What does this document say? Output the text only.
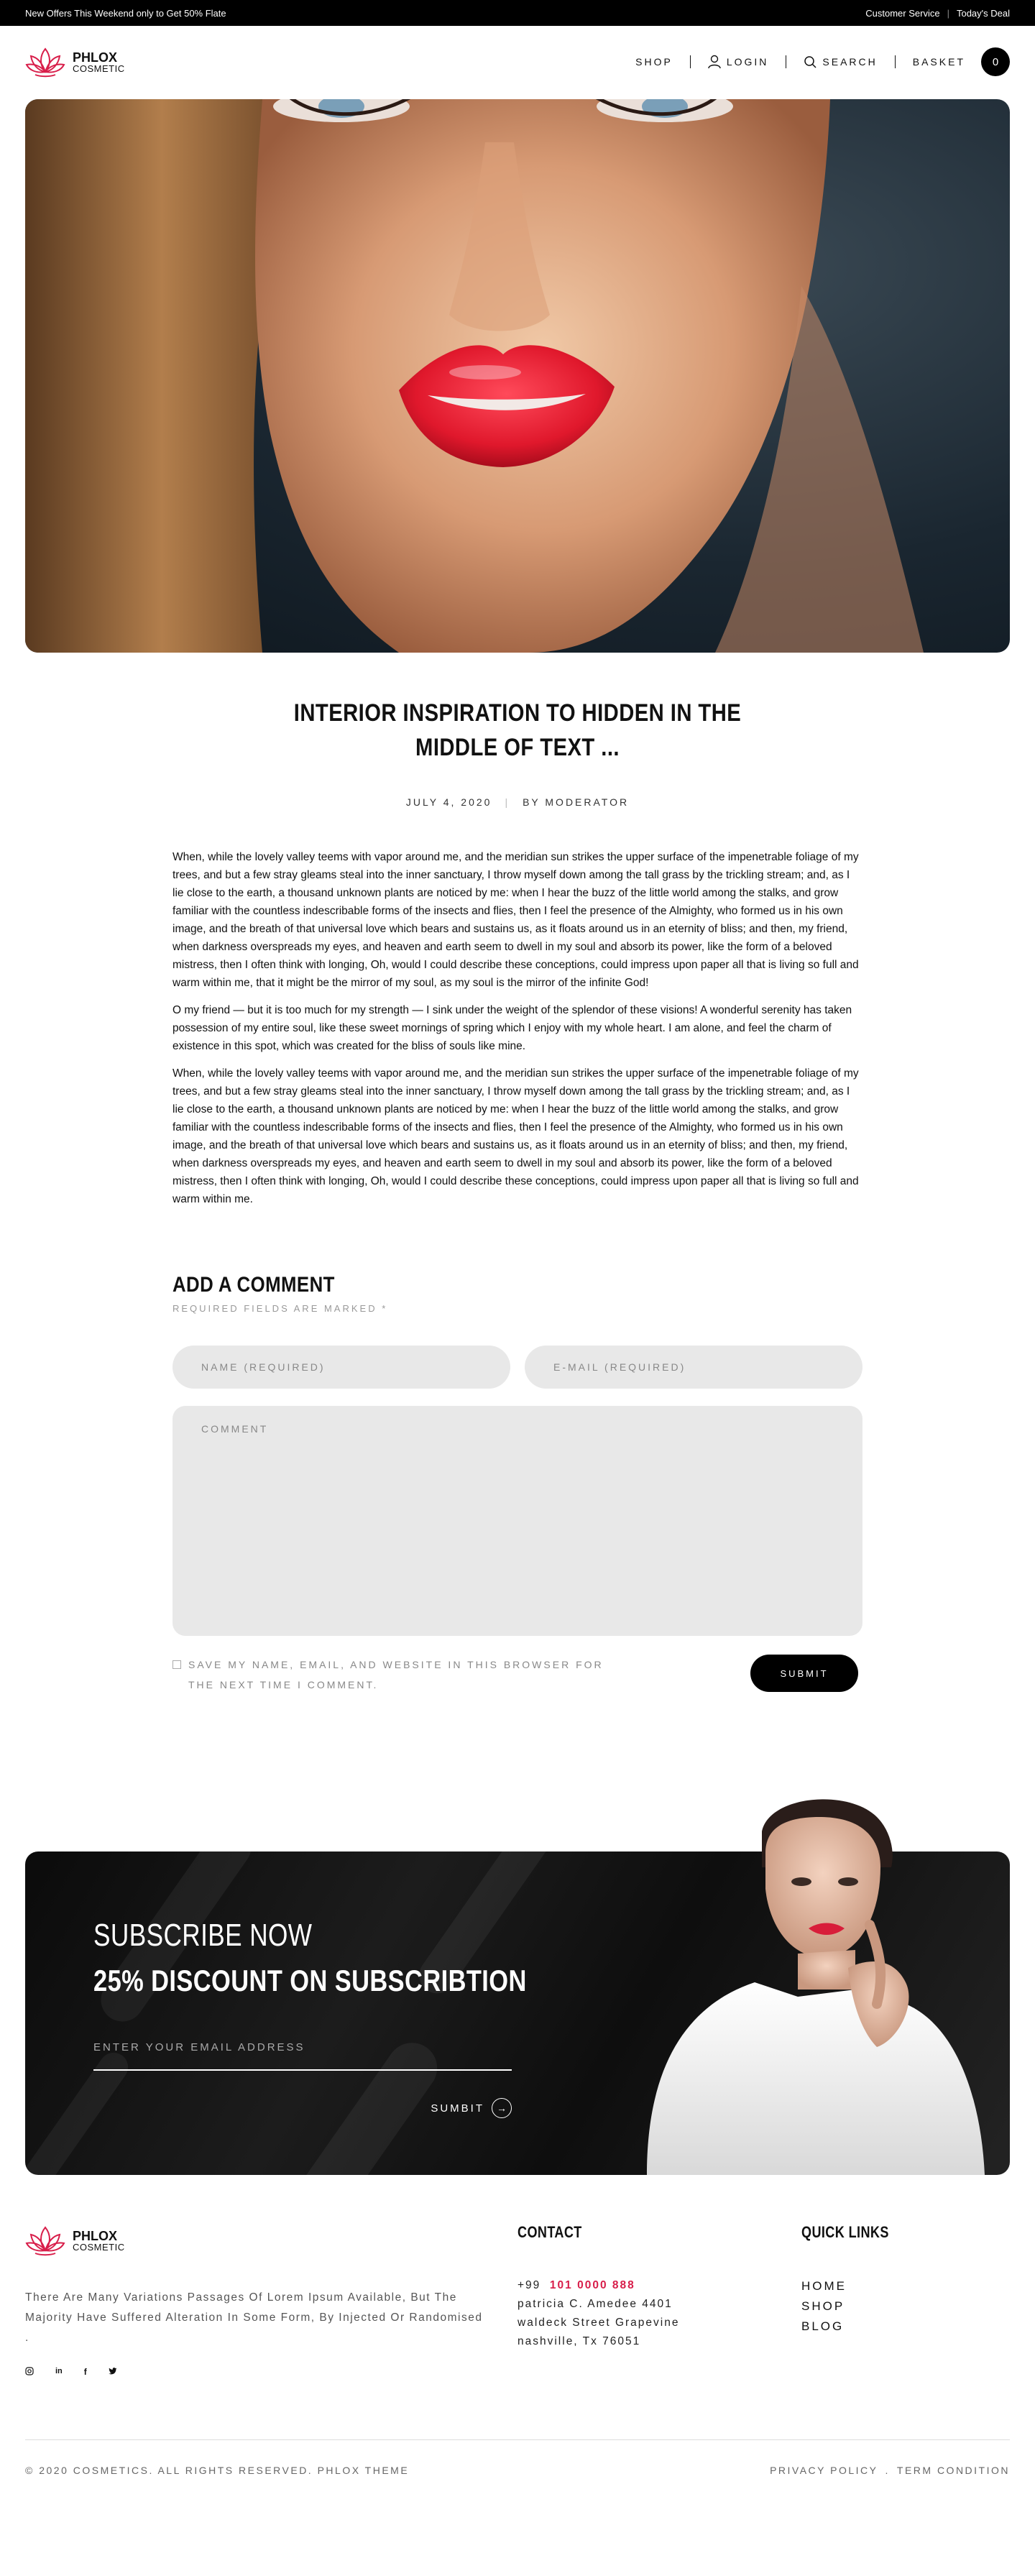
New Offers This Weekend only to Get 50% Flate	Customer Service | Today's Deal
PHLOX
COSMETIC
SHOP	LOGIN	SEARCH	BASKET	0
INTERIOR INSPIRATION TO HIDDEN IN THE
MIDDLE OF TEXT ...
JULY 4, 2020 | BY MODERATOR

When, while the lovely valley teems with vapor around me, and the meridian sun strikes the upper surface of the impenetrable foliage of my trees, and but a few stray gleams steal into the inner sanctuary, I throw myself down among the tall grass by the trickling stream; and, as I lie close to the earth, a thousand unknown plants are noticed by me: when I hear the buzz of the little world among the stalks, and grow familiar with the countless indescribable forms of the insects and flies, then I feel the presence of the Almighty, who formed us in his own image, and the breath of that universal love which bears and sustains us, as it floats around us in an eternity of bliss; and then, my friend, when darkness overspreads my eyes, and heaven and earth seem to dwell in my soul and absorb its power, like the form of a beloved mistress, then I often think with longing, Oh, would I could describe these conceptions, could impress upon paper all that is living so full and warm within me, that it might be the mirror of my soul, as my soul is the mirror of the infinite God!

O my friend — but it is too much for my strength — I sink under the weight of the splendor of these visions! A wonderful serenity has taken possession of my entire soul, like these sweet mornings of spring which I enjoy with my whole heart. I am alone, and feel the charm of existence in this spot, which was created for the bliss of souls like mine.

When, while the lovely valley teems with vapor around me, and the meridian sun strikes the upper surface of the impenetrable foliage of my trees, and but a few stray gleams steal into the inner sanctuary, I throw myself down among the tall grass by the trickling stream; and, as I lie close to the earth, a thousand unknown plants are noticed by me: when I hear the buzz of the little world among the stalks, and grow familiar with the countless indescribable forms of the insects and flies, then I feel the presence of the Almighty, who formed us in his own image, and the breath of that universal love which bears and sustains us, as it floats around us in an eternity of bliss; and then, my friend, when darkness overspreads my eyes, and heaven and earth seem to dwell in my soul and absorb its power, like the form of a beloved mistress, then I often think with longing, Oh, would I could describe these conceptions, could impress upon paper all that is living so full and warm within me.

ADD A COMMENT
REQUIRED FIELDS ARE MARKED *
NAME (REQUIRED)	E-MAIL (REQUIRED)
COMMENT
SAVE MY NAME, EMAIL, AND WEBSITE IN THIS BROWSER FOR
THE NEXT TIME I COMMENT.
SUBMIT
SUBSCRIBE NOW
25% DISCOUNT ON SUBSCRIBTION
ENTER YOUR EMAIL ADDRESS
SUMBIT	→
PHLOX
COSMETIC
There Are Many Variations Passages Of Lorem Ipsum Available, But The Majority Have Suffered Alteration In Some Form, By Injected Or Randomised .
in	f
CONTACT
+99 101 0000 888
patricia C. Amedee 4401
waldeck Street Grapevine
nashville, Tx 76051
QUICK LINKS
HOME
SHOP
BLOG
© 2020 COSMETICS. ALL RIGHTS RESERVED. PHLOX THEME	PRIVACY POLICY . TERM CONDITION
